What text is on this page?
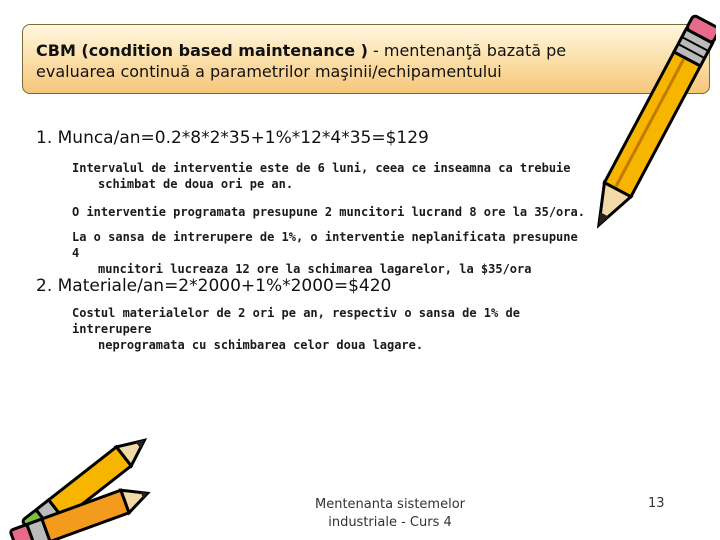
CBM (condition based maintenance ) - mentenanţă bazată pe
evaluarea continuă a parametrilor maşinii/echipamentului
1. Munca/an=0.2*8*2*35+1%*12*4*35=$129
Intervalul de interventie este de 6 luni, ceea ce inseamna ca trebuie
schimbat de doua ori pe an.
O interventie programata presupune 2 muncitori lucrand 8 ore la 35/ora.
La o sansa de intrerupere de 1%, o interventie neplanificata presupune 4
muncitori lucreaza 12 ore la schimarea lagarelor, la $35/ora
2. Materiale/an=2*2000+1%*2000=$420
Costul materialelor de 2 ori pe an, respectiv o sansa de 1% de intrerupere
neprogramata cu schimbarea celor doua lagare.
Mentenanta sistemelor
industriale - Curs 4
13
